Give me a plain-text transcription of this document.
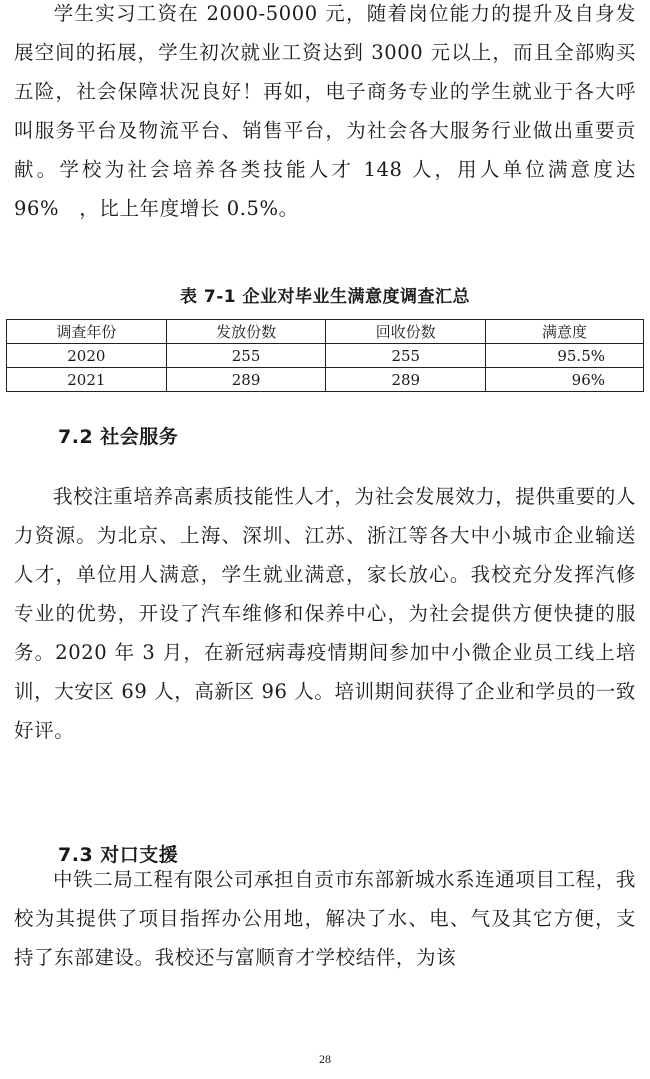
学生实习工资在 2000-5000 元，随着岗位能力的提升及自身发展空间的拓展，学生初次就业工资达到 3000 元以上，而且全部购买五险，社会保障状况良好！再如，电子商务专业的学生就业于各大呼叫服务平台及物流平台、销售平台，为社会各大服务行业做出重要贡献。学校为社会培养各类技能人才 148 人，用人单位满意度达 96%　，比上年度增长 0.5%。

表 7-1 企业对毕业生满意度调查汇总
调查年份	发放份数	回收份数	满意度
2020	255	255	95.5%
2021	289	289	96%
7.2 社会服务

我校注重培养高素质技能性人才，为社会发展效力，提供重要的人力资源。为北京、上海、深圳、江苏、浙江等各大中小城市企业输送人才，单位用人满意，学生就业满意，家长放心。我校充分发挥汽修专业的优势，开设了汽车维修和保养中心，为社会提供方便快捷的服务。2020 年 3 月，在新冠病毒疫情期间参加中小微企业员工线上培训，大安区 69 人，高新区 96 人。培训期间获得了企业和学员的一致好评。

7.3 对口支援

中铁二局工程有限公司承担自贡市东部新城水系连通项目工程，我校为其提供了项目指挥办公用地，解决了水、电、气及其它方便，支持了东部建设。我校还与富顺育才学校结伴，为该

28
